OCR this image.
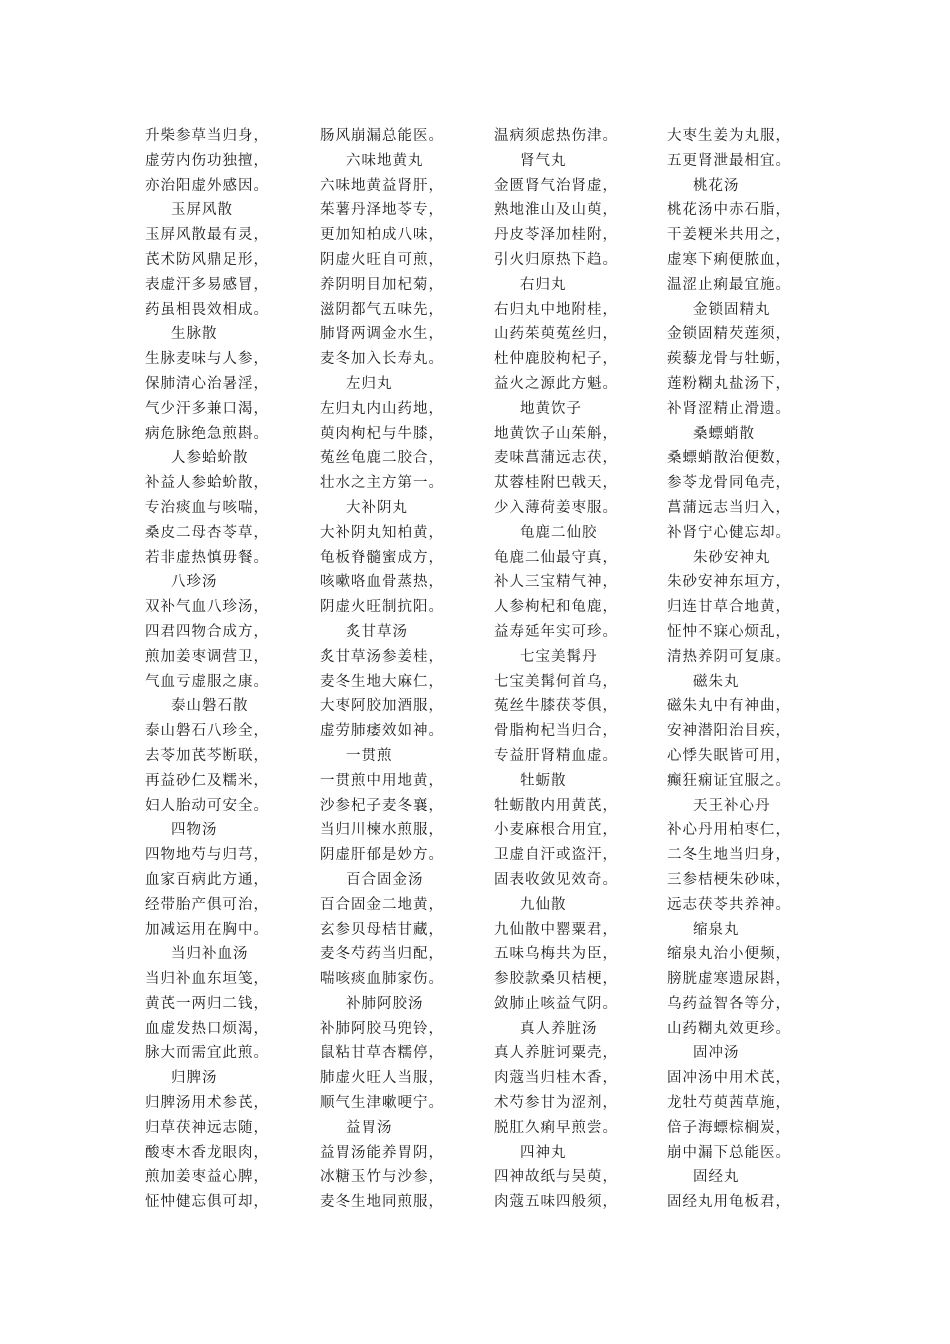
升柴参草当归身，
虚劳内伤功独擅，
亦治阳虚外感因。
玉屏风散
玉屏风散最有灵，
芪术防风鼎足形，
表虚汗多易感冒，
药虽相畏效相成。
生脉散
生脉麦味与人参，
保肺清心治暑淫，
气少汗多兼口渴，
病危脉绝急煎斟。
人参蛤蚧散
补益人参蛤蚧散，
专治痰血与咳喘，
桑皮二母杏苓草，
若非虚热慎毋餐。
八珍汤
双补气血八珍汤，
四君四物合成方，
煎加姜枣调营卫，
气血亏虚服之康。
泰山磐石散
泰山磐石八珍全，
去苓加芪芩断联，
再益砂仁及糯米，
妇人胎动可安全。
四物汤
四物地芍与归芎，
血家百病此方通，
经带胎产俱可治，
加减运用在胸中。
当归补血汤
当归补血东垣笺，
黄芪一两归二钱，
血虚发热口烦渴，
脉大而需宜此煎。
归脾汤
归脾汤用术参芪，
归草茯神远志随，
酸枣木香龙眼肉，
煎加姜枣益心脾，
怔忡健忘俱可却，
肠风崩漏总能医。
六味地黄丸
六味地黄益肾肝，
茱薯丹泽地苓专，
更加知柏成八味，
阴虚火旺自可煎，
养阴明目加杞菊，
滋阴都气五味先，
肺肾两调金水生，
麦冬加入长寿丸。
左归丸
左归丸内山药地，
萸肉枸杞与牛膝，
菟丝龟鹿二胶合，
壮水之主方第一。
大补阴丸
大补阴丸知柏黄，
龟板脊髓蜜成方，
咳嗽咯血骨蒸热，
阴虚火旺制抗阳。
炙甘草汤
炙甘草汤参姜桂，
麦冬生地大麻仁，
大枣阿胶加酒服，
虚劳肺痿效如神。
一贯煎
一贯煎中用地黄，
沙参杞子麦冬襄，
当归川楝水煎服，
阴虚肝郁是妙方。
百合固金汤
百合固金二地黄，
玄参贝母桔甘藏，
麦冬芍药当归配，
喘咳痰血肺家伤。
补肺阿胶汤
补肺阿胶马兜铃，
鼠粘甘草杏糯停，
肺虚火旺人当服，
顺气生津嗽哽宁。
益胃汤
益胃汤能养胃阴，
冰糖玉竹与沙参，
麦冬生地同煎服，
温病须虑热伤津。
肾气丸
金匮肾气治肾虚，
熟地淮山及山萸，
丹皮苓泽加桂附，
引火归原热下趋。
右归丸
右归丸中地附桂，
山药茱萸菟丝归，
杜仲鹿胶枸杞子，
益火之源此方魁。
地黄饮子
地黄饮子山茱斛，
麦味菖蒲远志茯，
苁蓉桂附巴戟天，
少入薄荷姜枣服。
龟鹿二仙胶
龟鹿二仙最守真，
补人三宝精气神，
人参枸杞和龟鹿，
益寿延年实可珍。
七宝美髯丹
七宝美髯何首乌，
菟丝牛膝茯苓俱，
骨脂枸杞当归合，
专益肝肾精血虚。
牡蛎散
牡蛎散内用黄芪，
小麦麻根合用宜，
卫虚自汗或盗汗，
固表收敛见效奇。
九仙散
九仙散中罂粟君，
五味乌梅共为臣，
参胶款桑贝桔梗，
敛肺止咳益气阴。
真人养脏汤
真人养脏诃粟壳，
肉蔻当归桂木香，
术芍参甘为涩剂，
脱肛久痢早煎尝。
四神丸
四神故纸与吴萸，
肉蔻五味四般须，
大枣生姜为丸服，
五更肾泄最相宜。
桃花汤
桃花汤中赤石脂，
干姜粳米共用之，
虚寒下痢便脓血，
温涩止痢最宜施。
金锁固精丸
金锁固精芡莲须，
蒺藜龙骨与牡蛎，
莲粉糊丸盐汤下，
补肾涩精止滑遗。
桑螵蛸散
桑螵蛸散治便数，
参苓龙骨同龟壳，
菖蒲远志当归入，
补肾宁心健忘却。
朱砂安神丸
朱砂安神东垣方，
归连甘草合地黄，
怔忡不寐心烦乱，
清热养阴可复康。
磁朱丸
磁朱丸中有神曲，
安神潜阳治目疾，
心悸失眠皆可用，
癫狂痫证宜服之。
天王补心丹
补心丹用柏枣仁，
二冬生地当归身，
三参桔梗朱砂味，
远志茯苓共养神。
缩泉丸
缩泉丸治小便频，
膀胱虚寒遗尿斟，
乌药益智各等分，
山药糊丸效更珍。
固冲汤
固冲汤中用术芪，
龙牡芍萸茜草施，
倍子海螵棕榈炭，
崩中漏下总能医。
固经丸
固经丸用龟板君，
